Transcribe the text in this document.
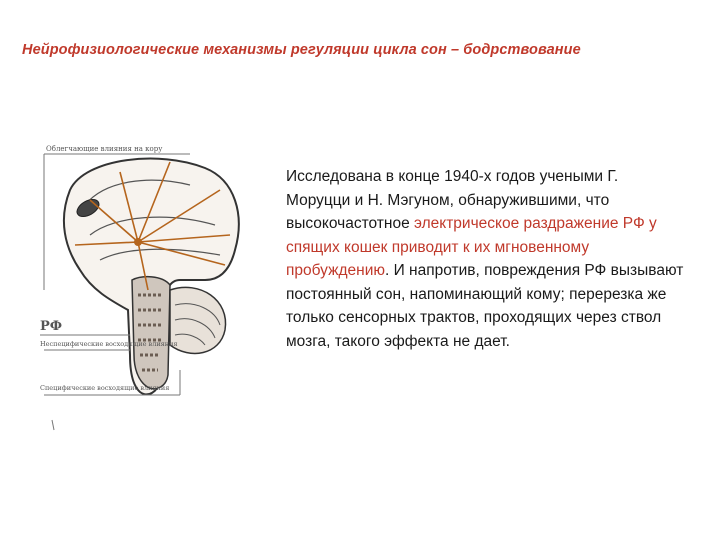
Нейрофизиологические механизмы регуляции цикла сон – бодрствование
Облегчающие влияния на кору
РФ
Неспецифические восходящие влияния
Специфические восходящие влияния

Исследована в конце 1940-х годов учеными Г. Моруцци и Н. Мэгуном, обнаружившими, что высокочастотное электрическое раздражение РФ у спящих кошек приводит к их мгновенному пробуждению. И напротив, повреждения РФ вызывают постоянный сон, напоминающий кому; перерезка же только сенсорных трактов, проходящих через ствол мозга, такого эффекта не дает.
